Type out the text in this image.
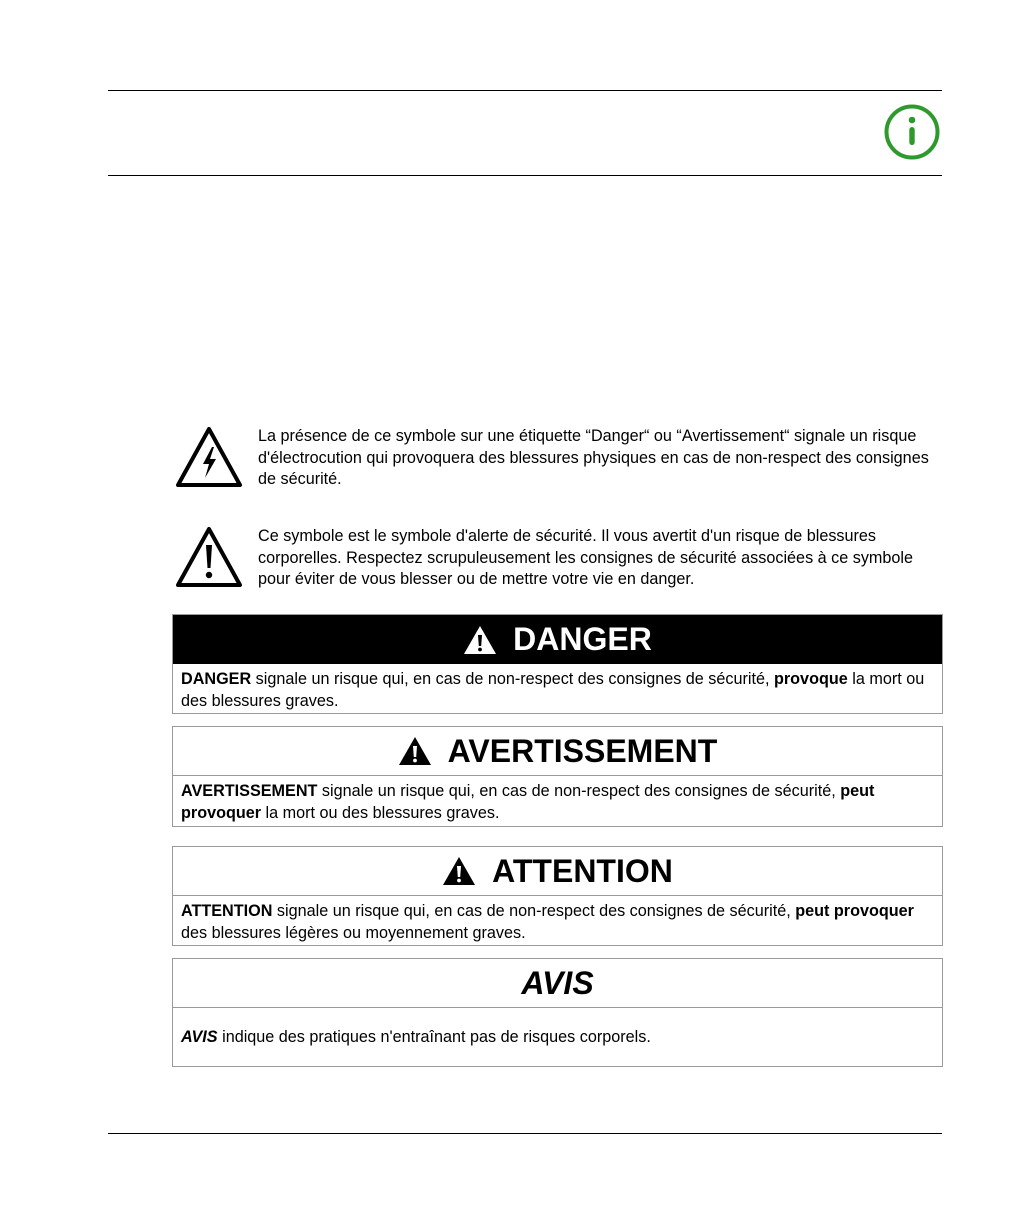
La présence de ce symbole sur une étiquette “Danger“ ou “Avertissement“ signale un risque d'électrocution qui provoquera des blessures physiques en cas de non-respect des consignes de sécurité.
Ce symbole est le symbole d'alerte de sécurité. Il vous avertit d'un risque de blessures corporelles. Respectez scrupuleusement les consignes de sécurité associées à ce symbole pour éviter de vous blesser ou de mettre votre vie en danger.
DANGER
DANGER signale un risque qui, en cas de non-respect des consignes de sécurité, provoque la mort ou des blessures graves.
AVERTISSEMENT
AVERTISSEMENT signale un risque qui, en cas de non-respect des consignes de sécurité, peut provoquer la mort ou des blessures graves.
ATTENTION
ATTENTION signale un risque qui, en cas de non-respect des consignes de sécurité, peut provoquer des blessures légères ou moyennement graves.
AVIS
AVIS indique des pratiques n'entraînant pas de risques corporels.
